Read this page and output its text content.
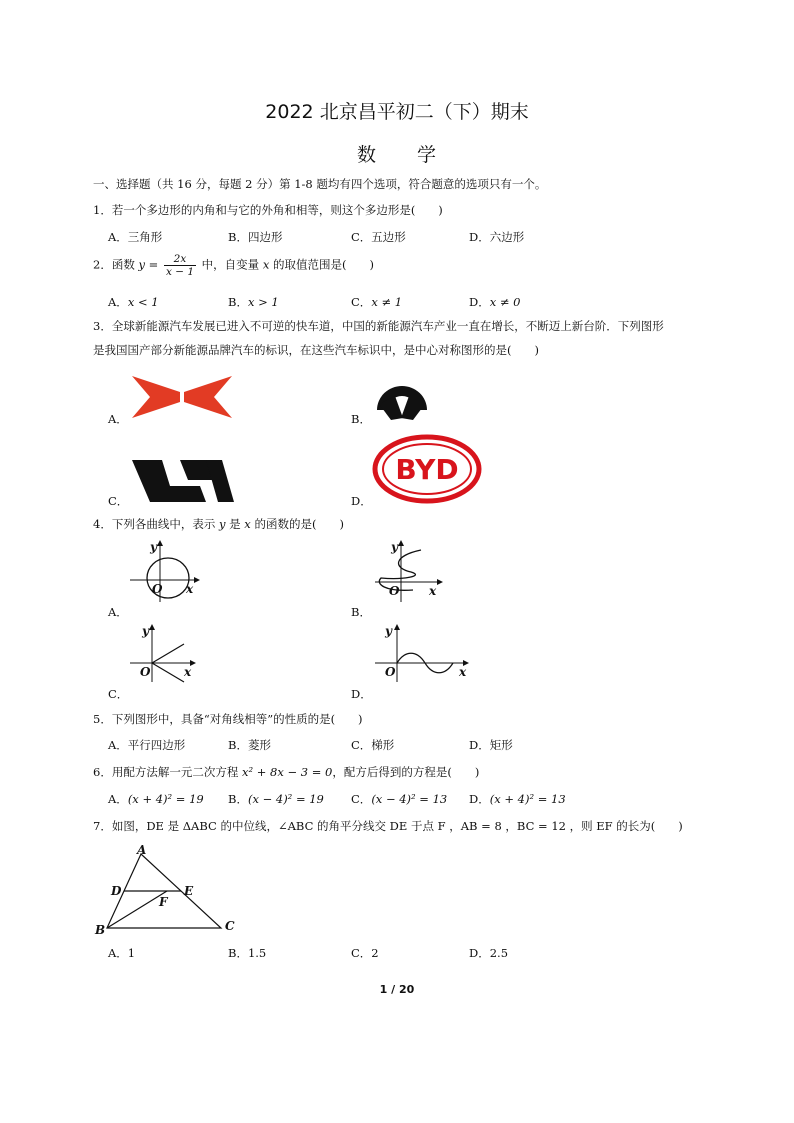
2022 北京昌平初二（下）期末
数　　学
一、选择题（共 16 分，每题 2 分）第 1-8 题均有四个选项，符合题意的选项只有一个。
1．若一个多边形的内角和与它的外角和相等，则这个多边形是(　　)
A．三角形	B．四边形	C．五边形	D．六边形
2．函数 $y = \frac{2x}{x - 1}$ 中，自变量 x 的取值范围是(　　)
A．x < 1	B．x > 1	C．x ≠ 1	D．x ≠ 0
3．全球新能源汽车发展已进入不可逆的快车道，中国的新能源汽车产业一直在增长，不断迈上新台阶．下列图形
是我国国产部分新能源品牌汽车的标识，在这些汽车标识中，是中心对称图形的是(　　)
A．	B．
C．	D．
BYD
4．下列各曲线中，表示 y 是 x 的函数的是(　　)
A．
y
x
O
B．
y
x
O
C．
y
x
O
D．
y
x
O
5．下列图形中，具备“对角线相等”的性质的是(　　)
A．平行四边形	B．菱形	C．梯形	D．矩形
6．用配方法解一元二次方程 x² + 8x − 3 = 0，配方后得到的方程是(　　)
A．(x + 4)² = 19 B．(x − 4)² = 19 C．(x − 4)² = 13 D．(x + 4)² = 13
7．如图，DE 是 ΔABC 的中位线，∠ABC 的角平分线交 DE 于点 F ，AB = 8 ，BC = 12 ，则 EF 的长为(　　)
A
B	C
D	E
F
A．1	B．1.5	C．2	D．2.5
1 / 20
